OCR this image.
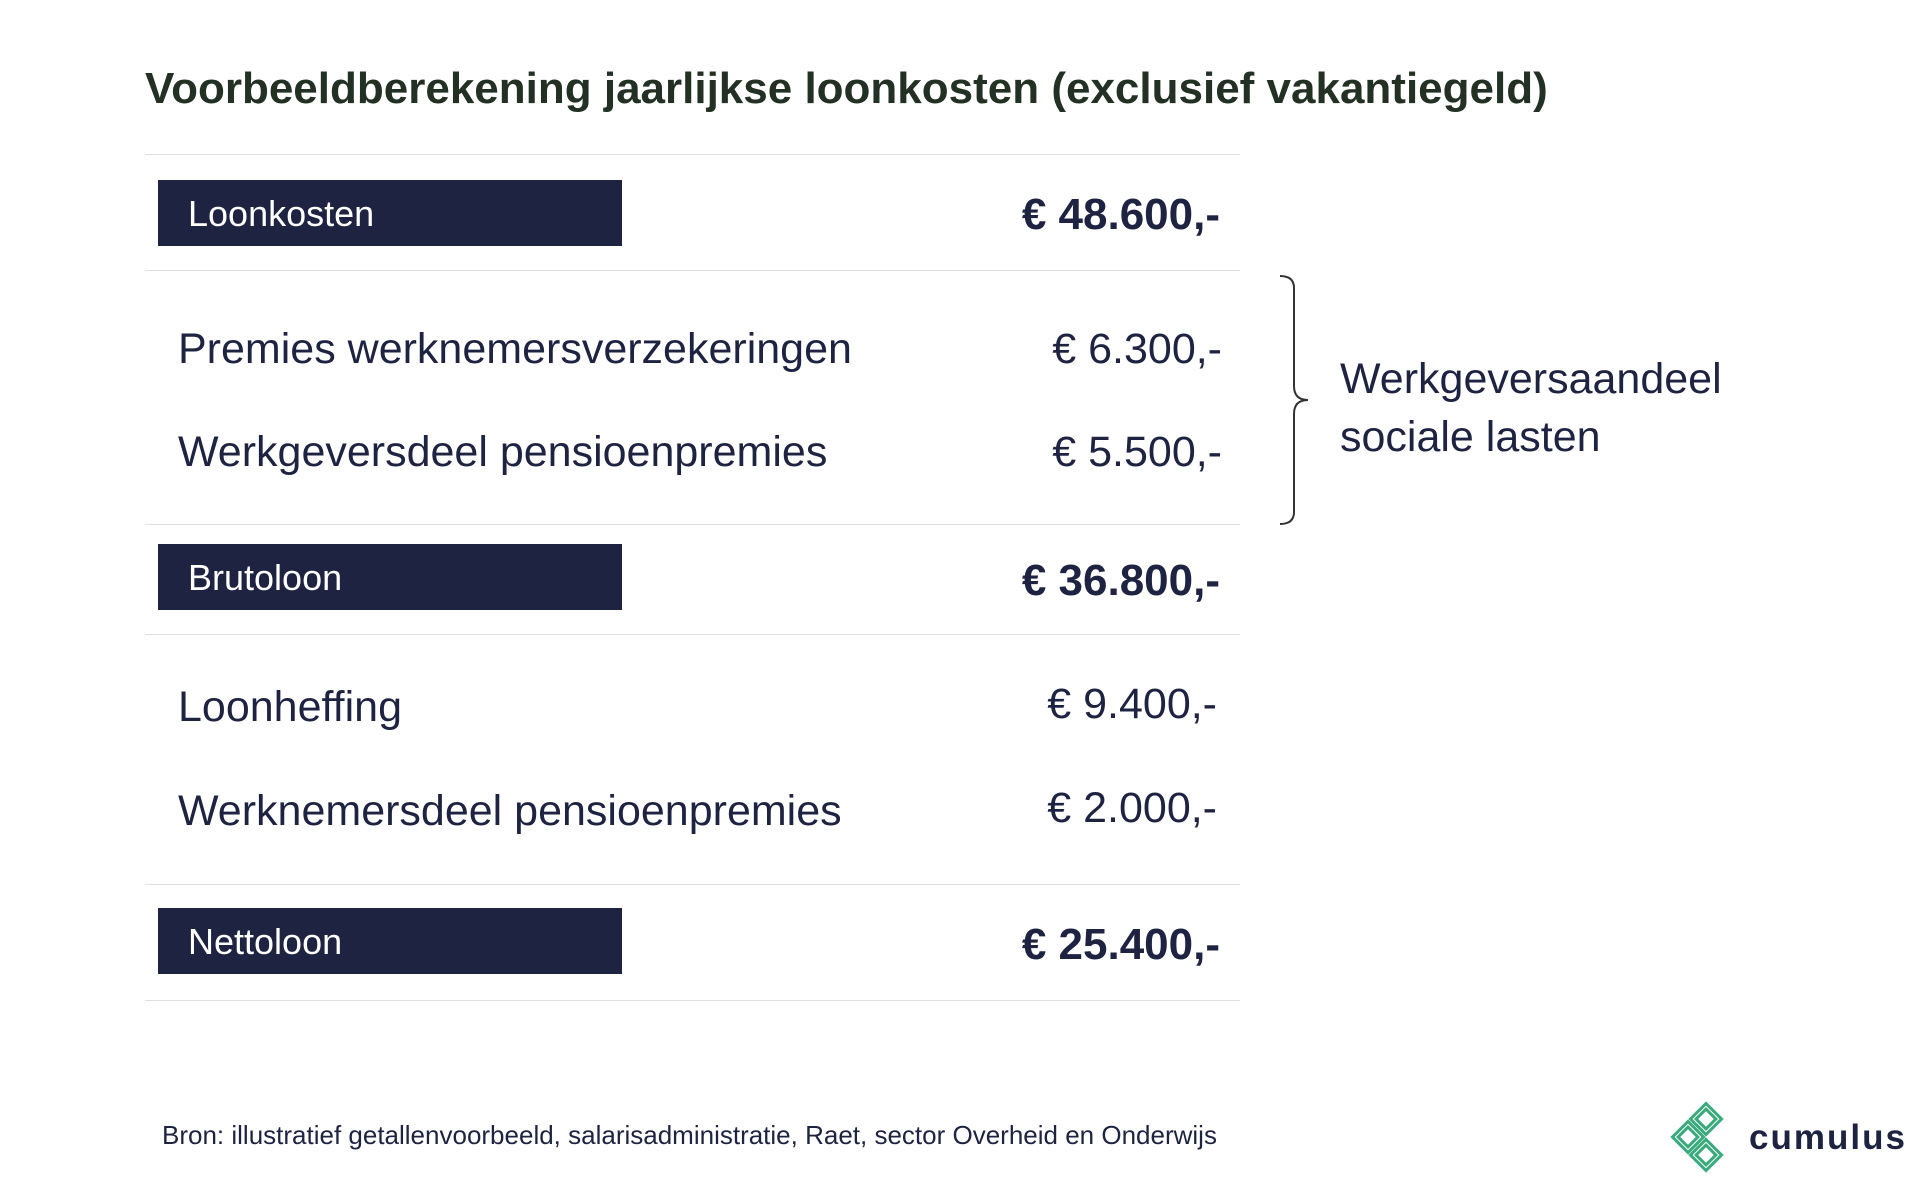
Voorbeeldberekening jaarlijkse loonkosten (exclusief vakantiegeld)
Loonkosten	€ 48.600,-
Premies werknemersverzekeringen	€ 6.300,-
Werkgeversdeel pensioenpremies	€ 5.500,-

Werkgeversaandeel
sociale lasten

Brutoloon	€ 36.800,-
Loonheffing	€ 9.400,-
Werknemersdeel pensioenpremies	€ 2.000,-
Nettoloon	€ 25.400,-
Bron: illustratief getallenvoorbeeld, salarisadministratie, Raet, sector Overheid en Onderwijs	cumulus
